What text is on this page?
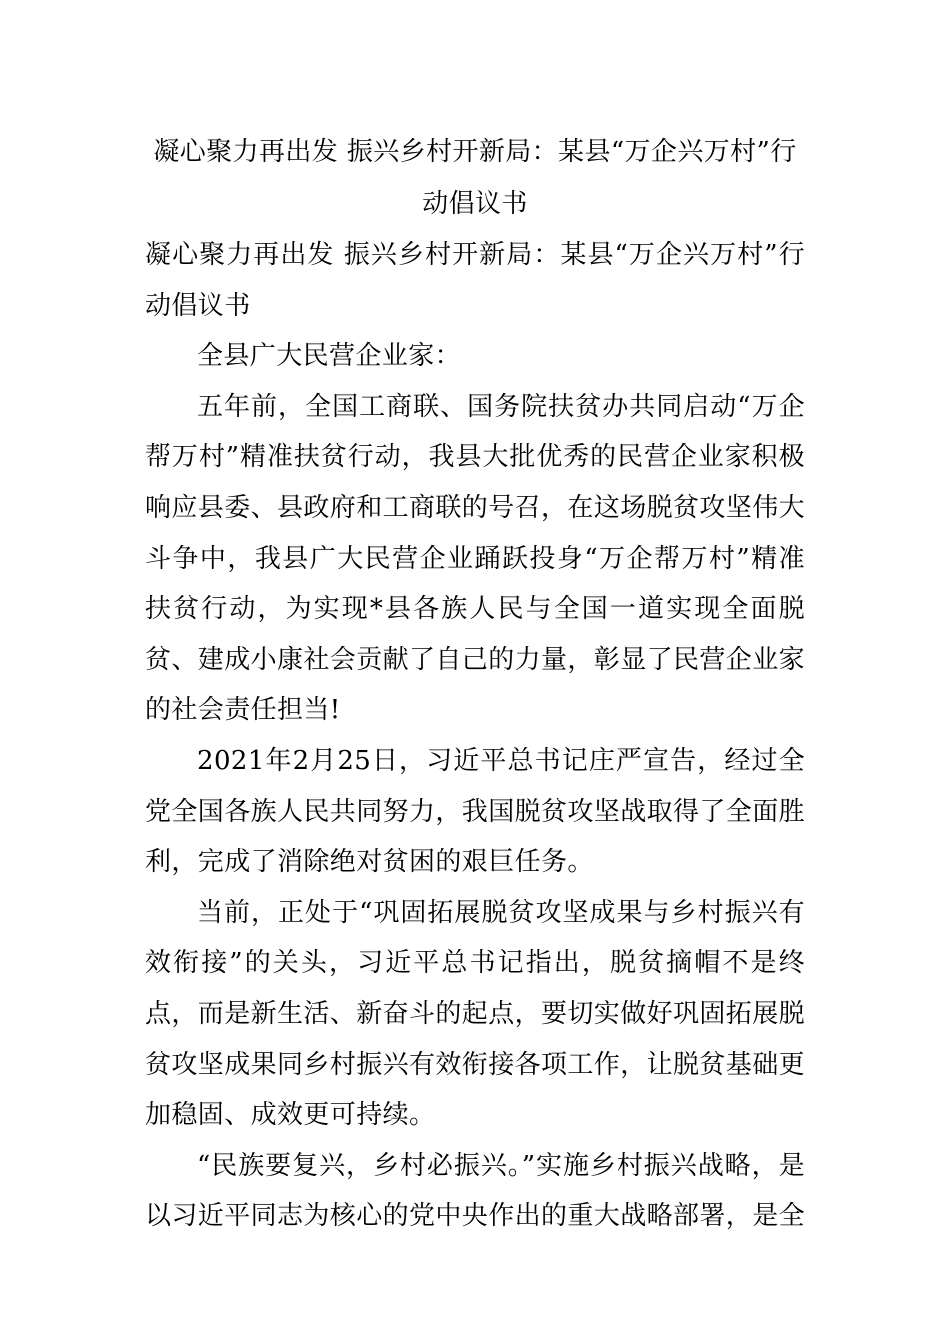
凝心聚力再出发 振兴乡村开新局：某县“万企兴万村”行动倡议书

凝心聚力再出发 振兴乡村开新局：某县“万企兴万村”行动倡议书

全县广大民营企业家：

五年前，全国工商联、国务院扶贫办共同启动“万企帮万村”精准扶贫行动，我县大批优秀的民营企业家积极响应县委、县政府和工商联的号召，在这场脱贫攻坚伟大斗争中，我县广大民营企业踊跃投身“万企帮万村”精准扶贫行动，为实现*县各族人民与全国一道实现全面脱贫、建成小康社会贡献了自己的力量，彰显了民营企业家的社会责任担当!

2021年2月25日，习近平总书记庄严宣告，经过全党全国各族人民共同努力，我国脱贫攻坚战取得了全面胜利，完成了消除绝对贫困的艰巨任务。

当前，正处于“巩固拓展脱贫攻坚成果与乡村振兴有效衔接”的关头，习近平总书记指出，脱贫摘帽不是终点，而是新生活、新奋斗的起点，要切实做好巩固拓展脱贫攻坚成果同乡村振兴有效衔接各项工作，让脱贫基础更加稳固、成效更可持续。

“民族要复兴，乡村必振兴。”实施乡村振兴战略，是以习近平同志为核心的党中央作出的重大战略部署，是全
